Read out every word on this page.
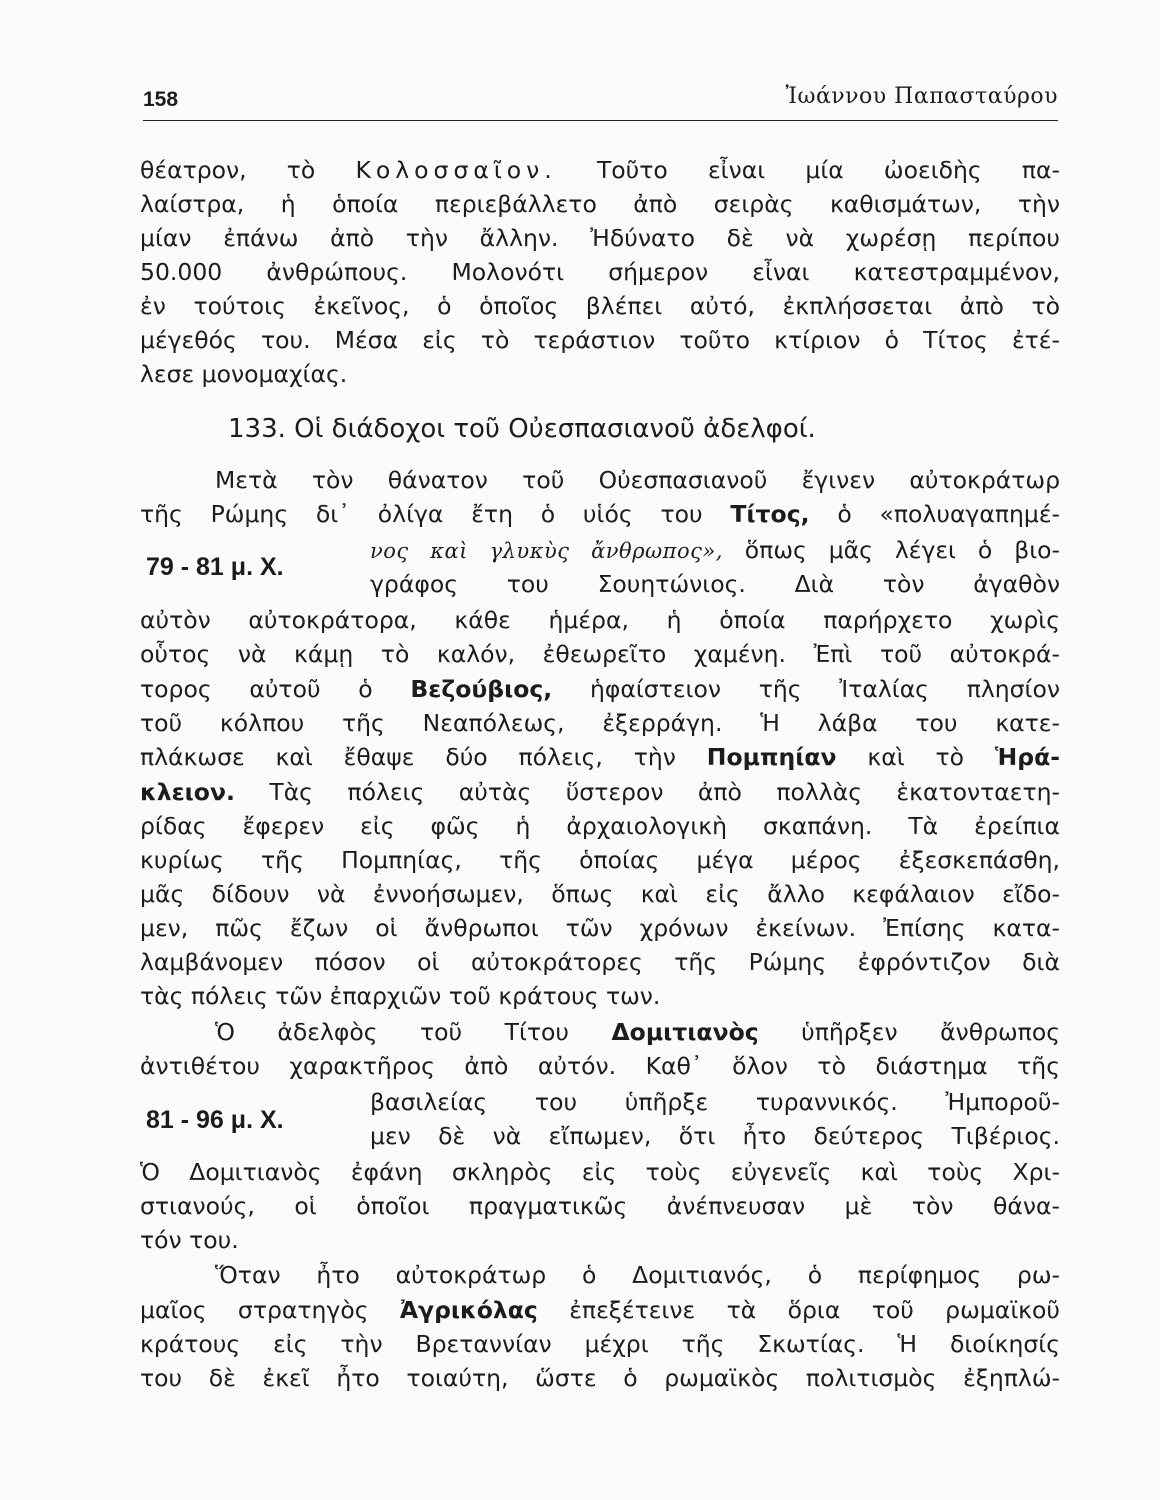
158	Ἰωάννου Παπασταύρου
θέατρον, τὸ Κολοσσαῖον. Τοῦτο εἶναι μία ὠοειδὴς πα-
λαίστρα, ἡ ὁποία περιεβάλλετο ἀπὸ σειρὰς καθισμάτων, τὴν
μίαν ἐπάνω ἀπὸ τὴν ἄλλην. Ἠδύνατο δὲ νὰ χωρέσῃ περίπου
50.000 ἀνθρώπους. Μολονότι σήμερον εἶναι κατεστραμμένον,
ἐν τούτοις ἐκεῖνος, ὁ ὁποῖος βλέπει αὐτό, ἐκπλήσσεται ἀπὸ τὸ
μέγεθός του. Μέσα εἰς τὸ τεράστιον τοῦτο κτίριον ὁ Τίτος ἐτέ-
λεσε μονομαχίας.
133. Οἱ διάδοχοι τοῦ Οὐεσπασιανοῦ ἀδελφοί.
Μετὰ τὸν θάνατον τοῦ Οὐεσπασιανοῦ ἔγινεν αὐτοκράτωρ
τῆς Ρώμης δι᾽ ὀλίγα ἔτη ὁ υἱός του Τίτος, ὁ «πολυαγαπημέ-
νος καὶ γλυκὺς ἄνθρωπος», ὅπως μᾶς λέγει ὁ βιο-
79 - 81 μ. Χ.
γράφος του Σουητώνιος. Διὰ τὸν ἀγαθὸν
αὐτὸν αὐτοκράτορα, κάθε ἡμέρα, ἡ ὁποία παρήρχετο χωρὶς
οὗτος νὰ κάμῃ τὸ καλόν, ἐθεωρεῖτο χαμένη. Ἐπὶ τοῦ αὐτοκρά-
τορος αὐτοῦ ὁ Βεζούβιος, ἡφαίστειον τῆς Ἰταλίας πλησίον
τοῦ κόλπου τῆς Νεαπόλεως, ἐξερράγη. Ἡ λάβα του κατε-
πλάκωσε καὶ ἔθαψε δύο πόλεις, τὴν Πομπηίαν καὶ τὸ Ἡρά-
κλειον. Τὰς πόλεις αὐτὰς ὕστερον ἀπὸ πολλὰς ἑκατονταετη-
ρίδας ἔφερεν εἰς φῶς ἡ ἀρχαιολογικὴ σκαπάνη. Τὰ ἐρείπια
κυρίως τῆς Πομπηίας, τῆς ὁποίας μέγα μέρος ἐξεσκεπάσθη,
μᾶς δίδουν νὰ ἐννοήσωμεν, ὅπως καὶ εἰς ἄλλο κεφάλαιον εἴδο-
μεν, πῶς ἔζων οἱ ἄνθρωποι τῶν χρόνων ἐκείνων. Ἐπίσης κατα-
λαμβάνομεν πόσον οἱ αὐτοκράτορες τῆς Ρώμης ἐφρόντιζον διὰ
τὰς πόλεις τῶν ἐπαρχιῶν τοῦ κράτους των.
Ὁ ἀδελφὸς τοῦ Τίτου Δομιτιανὸς ὑπῆρξεν ἄνθρωπος
ἀντιθέτου χαρακτῆρος ἀπὸ αὐτόν. Καθ᾽ ὅλον τὸ διάστημα τῆς
βασιλείας του ὑπῆρξε τυραννικός. Ἠμποροῦ-
81 - 96 μ. Χ.
μεν δὲ νὰ εἴπωμεν, ὅτι ἦτο δεύτερος Τιβέριος.
Ὁ Δομιτιανὸς ἐφάνη σκληρὸς εἰς τοὺς εὐγενεῖς καὶ τοὺς Χρι-
στιανούς, οἱ ὁποῖοι πραγματικῶς ἀνέπνευσαν μὲ τὸν θάνα-
τόν του.
Ὅταν ἦτο αὐτοκράτωρ ὁ Δομιτιανός, ὁ περίφημος ρω-
μαῖος στρατηγὸς Ἀγρικόλας ἐπεξέτεινε τὰ ὅρια τοῦ ρωμαϊκοῦ
κράτους εἰς τὴν Βρεταννίαν μέχρι τῆς Σκωτίας. Ἡ διοίκησίς
του δὲ ἐκεῖ ἦτο τοιαύτη, ὥστε ὁ ρωμαϊκὸς πολιτισμὸς ἐξηπλώ-
